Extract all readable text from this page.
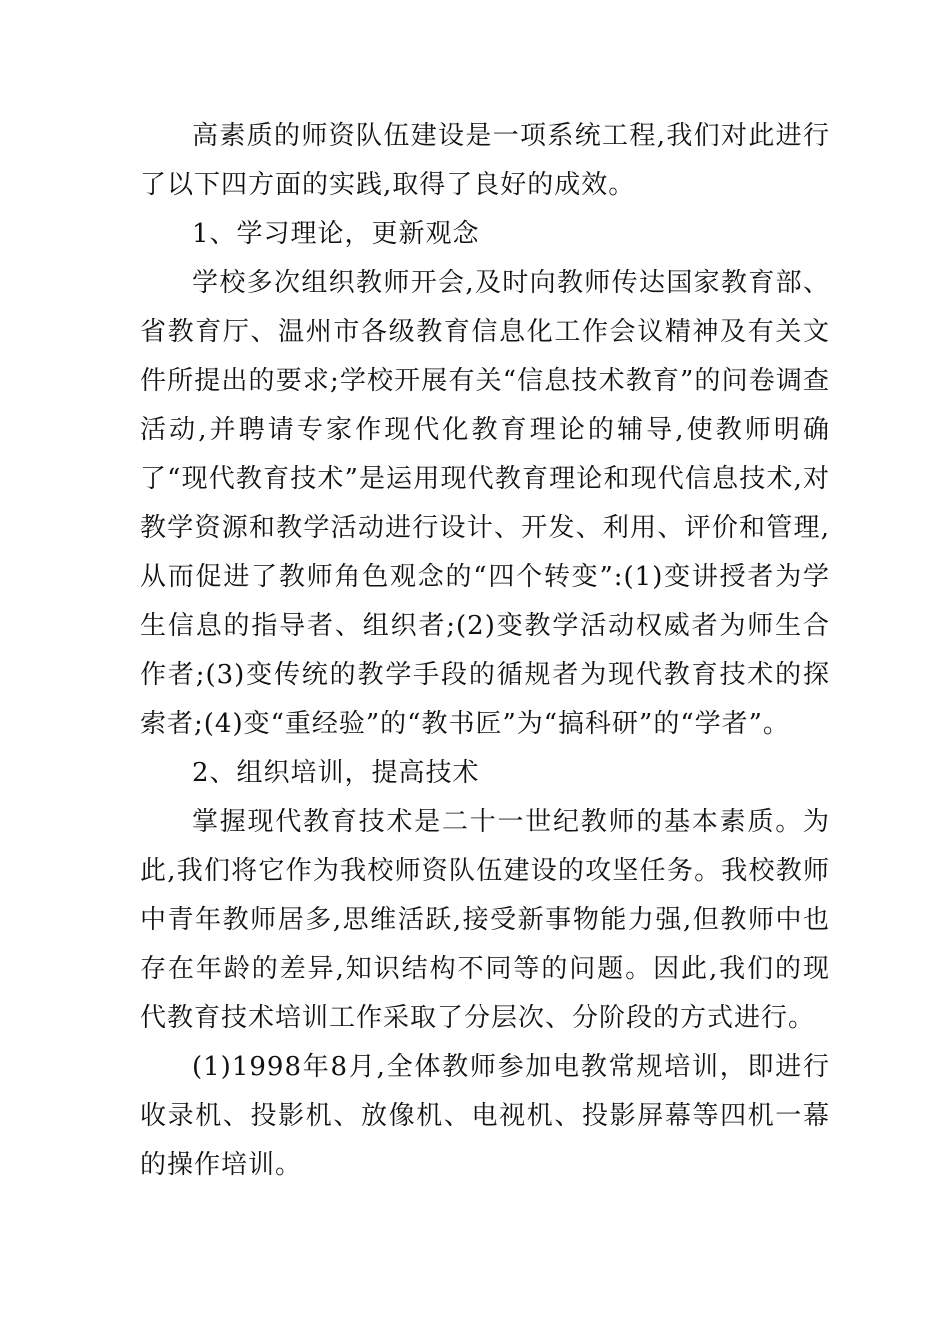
高素质的师资队伍建设是一项系统工程,我们对此进行了以下四方面的实践,取得了良好的成效。

1、学习理论，更新观念

学校多次组织教师开会,及时向教师传达国家教育部、省教育厅、温州市各级教育信息化工作会议精神及有关文件所提出的要求;学校开展有关“信息技术教育”的问卷调查活动,并聘请专家作现代化教育理论的辅导,使教师明确了“现代教育技术”是运用现代教育理论和现代信息技术,对教学资源和教学活动进行设计、开发、利用、评价和管理,从而促进了教师角色观念的“四个转变”:(1)变讲授者为学生信息的指导者、组织者;(2)变教学活动权威者为师生合作者;(3)变传统的教学手段的循规者为现代教育技术的探索者;(4)变“重经验”的“教书匠”为“搞科研”的“学者”。

2、组织培训，提高技术

掌握现代教育技术是二十一世纪教师的基本素质。为此,我们将它作为我校师资队伍建设的攻坚任务。我校教师中青年教师居多,思维活跃,接受新事物能力强,但教师中也存在年龄的差异,知识结构不同等的问题。因此,我们的现代教育技术培训工作采取了分层次、分阶段的方式进行。

(1)1998年8月,全体教师参加电教常规培训，即进行收录机、投影机、放像机、电视机、投影屏幕等四机一幕的操作培训。
